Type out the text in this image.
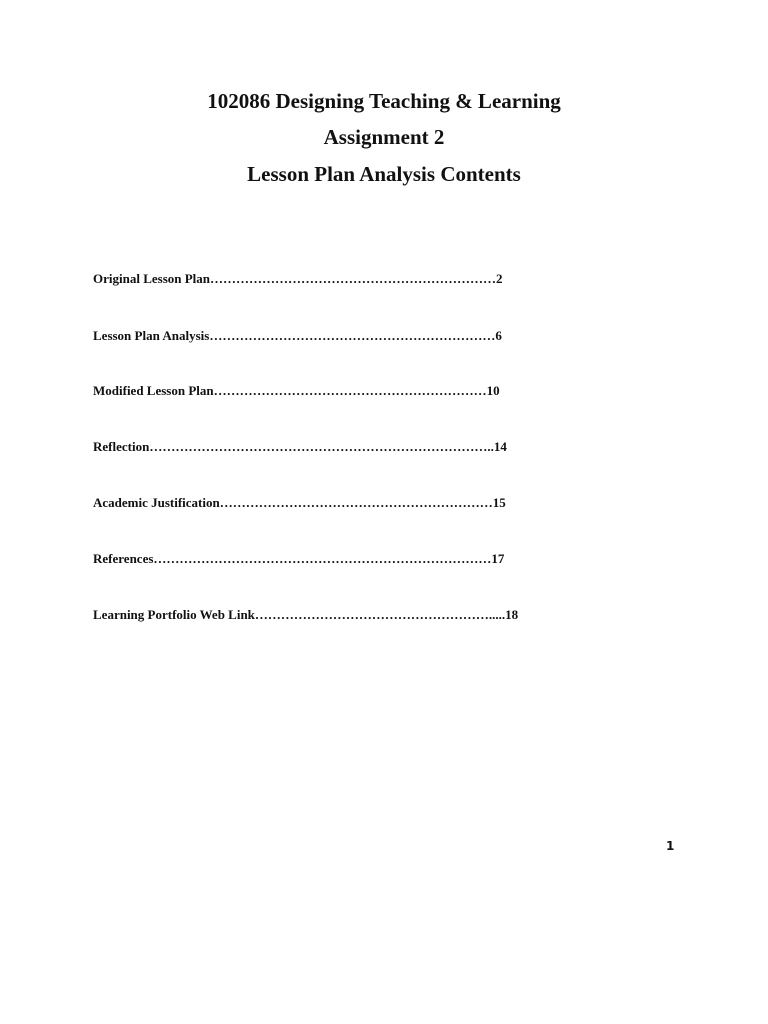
102086 Designing Teaching & Learning
Assignment 2
Lesson Plan Analysis Contents
Original Lesson Plan…………………………………………………………2
Lesson Plan Analysis…………………………………………………………6
Modified Lesson Plan………………………………………………………10
Reflection……………………………………………………………………..14
Academic Justification………………………………………………………15
References……………………………………………………………………17
Learning Portfolio Web Link……………………………………………….....18
1
